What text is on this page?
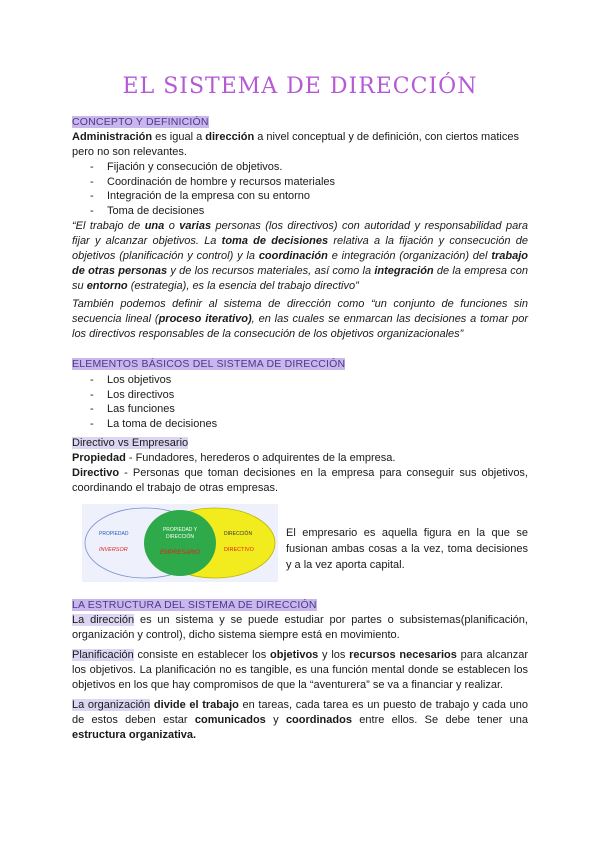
EL SISTEMA DE DIRECCIÓN
CONCEPTO Y DEFINICIÓN
Administración es igual a dirección a nivel conceptual y de definición, con ciertos matices pero no son relevantes.
- Fijación y consecución de objetivos.
- Coordinación de hombre y recursos materiales
- Integración de la empresa con su entorno
- Toma de decisiones
“El trabajo de una o varias personas (los directivos) con autoridad y responsabilidad para fijar y alcanzar objetivos. La toma de decisiones relativa a la fijación y consecución de objetivos (planificación y control) y la coordinación e integración (organización) del trabajo de otras personas y de los recursos materiales, así como la integración de la empresa con su entorno (estrategia), es la esencia del trabajo directivo”
También podemos definir al sistema de dirección como “un conjunto de funciones sin secuencia lineal (proceso iterativo), en las cuales se enmarcan las decisiones a tomar por los directivos responsables de la consecución de los objetivos organizacionales”
ELEMENTOS BÁSICOS DEL SISTEMA DE DIRECCIÓN
- Los objetivos
- Los directivos
- Las funciones
- La toma de decisiones
Directivo vs Empresario
Propiedad - Fundadores, herederos o adquirentes de la empresa.
Directivo - Personas que toman decisiones en la empresa para conseguir sus objetivos, coordinando el trabajo de otras empresas.
PROPIEDAD
INVERSOR
PROPIEDAD Y
DIRECCIÓN
EMPRESARIO
DIRECCIÓN
DIRECTIVO
El empresario es aquella figura en la que se fusionan ambas cosas a la vez, toma decisiones y a la vez aporta capital.
LA ESTRUCTURA DEL SISTEMA DE DIRECCIÓN
La dirección es un sistema y se puede estudiar por partes o subsistemas(planificación, organización y control), dicho sistema siempre está en movimiento.
Planificación consiste en establecer los objetivos y los recursos necesarios para alcanzar los objetivos. La planificación no es tangible, es una función mental donde se establecen los objetivos en los que hay compromisos de que la “aventurera” se va a financiar y realizar.
La organización divide el trabajo en tareas, cada tarea es un puesto de trabajo y cada uno de estos deben estar comunicados y coordinados entre ellos. Se debe tener una estructura organizativa.
